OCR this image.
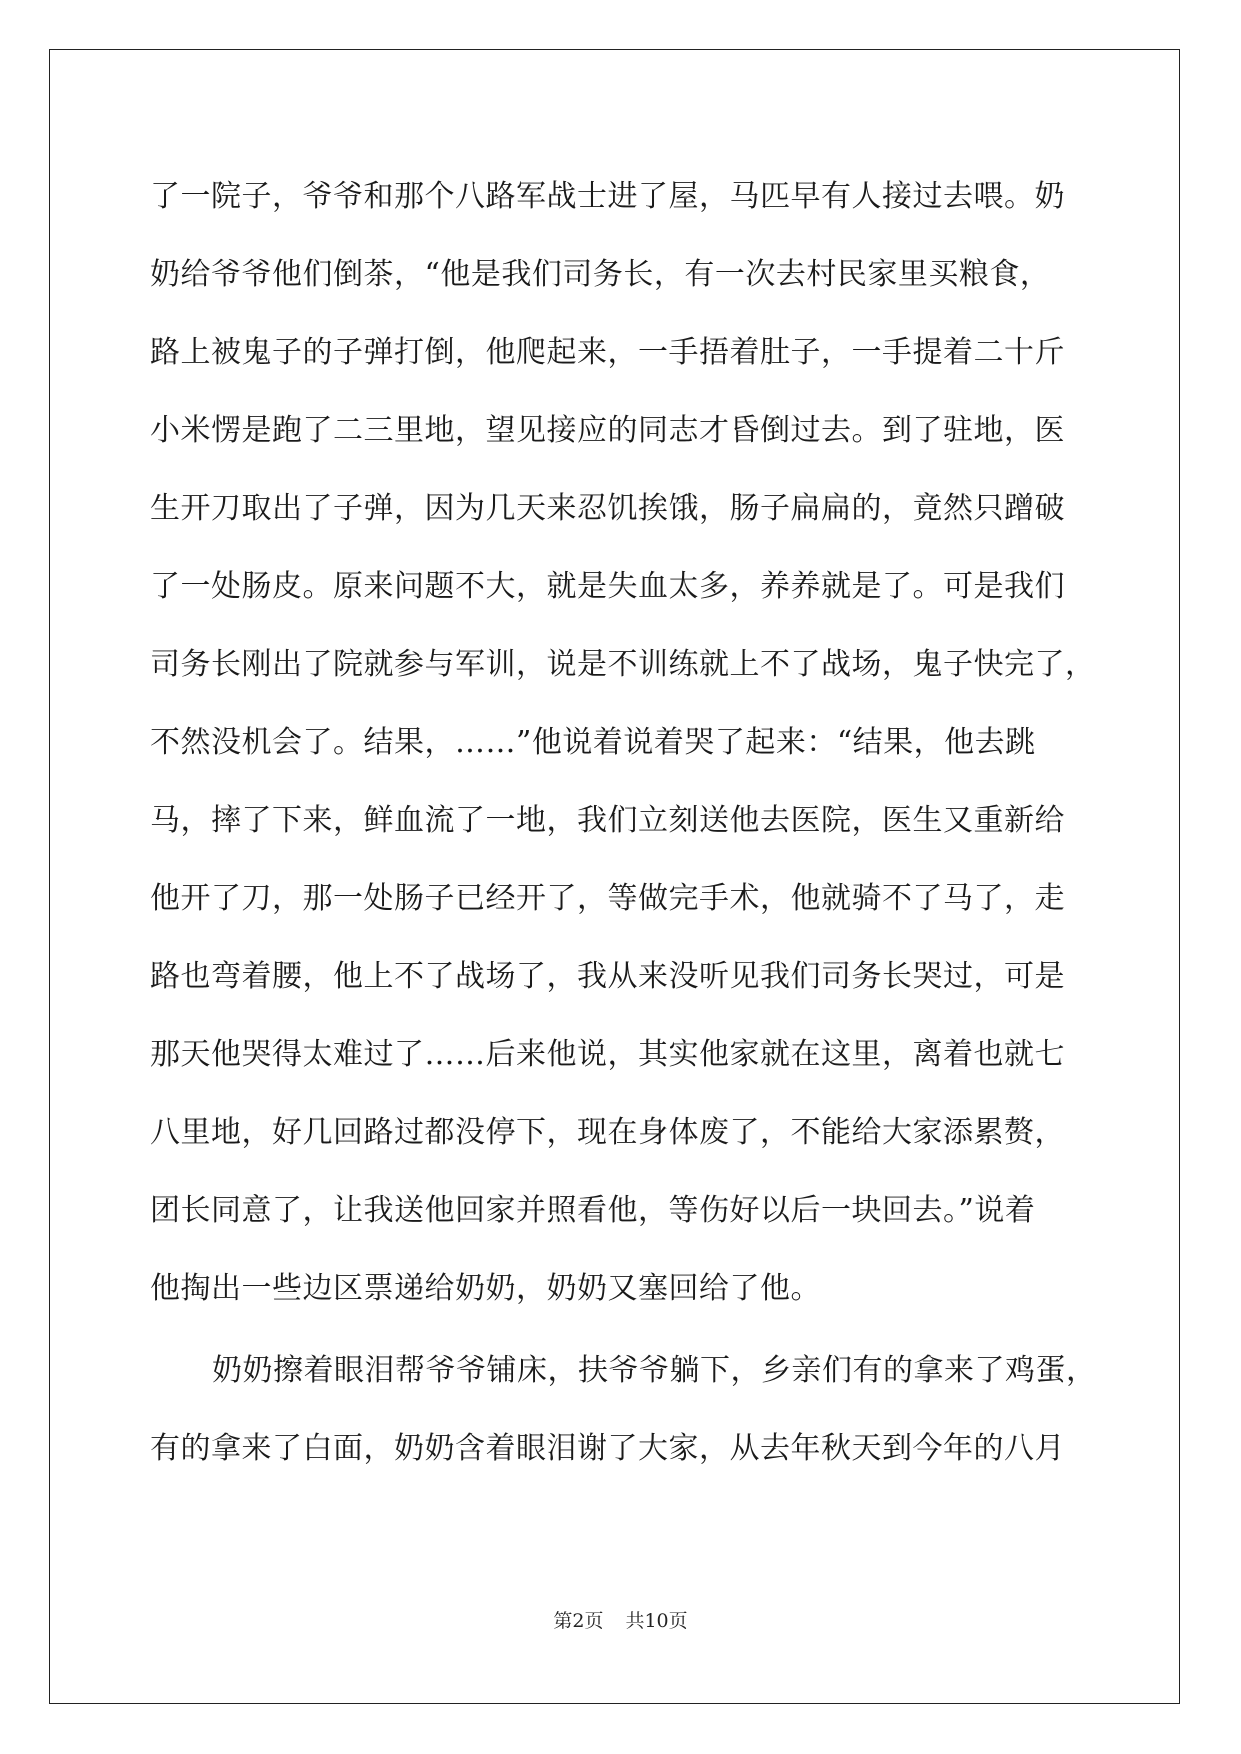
了一院子，爷爷和那个八路军战士进了屋，马匹早有人接过去喂。奶
奶给爷爷他们倒茶，“他是我们司务长，有一次去村民家里买粮食，
路上被鬼子的子弹打倒，他爬起来，一手捂着肚子，一手提着二十斤
小米愣是跑了二三里地，望见接应的同志才昏倒过去。到了驻地，医
生开刀取出了子弹，因为几天来忍饥挨饿，肠子扁扁的，竟然只蹭破
了一处肠皮。原来问题不大，就是失血太多，养养就是了。可是我们
司务长刚出了院就参与军训，说是不训练就上不了战场，鬼子快完了，
不然没机会了。结果，……”他说着说着哭了起来：“结果，他去跳
马，摔了下来，鲜血流了一地，我们立刻送他去医院，医生又重新给
他开了刀，那一处肠子已经开了，等做完手术，他就骑不了马了，走
路也弯着腰，他上不了战场了，我从来没听见我们司务长哭过，可是
那天他哭得太难过了……后来他说，其实他家就在这里，离着也就七
八里地，好几回路过都没停下，现在身体废了，不能给大家添累赘，
团长同意了，让我送他回家并照看他，等伤好以后一块回去。”说着
他掏出一些边区票递给奶奶，奶奶又塞回给了他。
奶奶擦着眼泪帮爷爷铺床，扶爷爷躺下，乡亲们有的拿来了鸡蛋，
有的拿来了白面，奶奶含着眼泪谢了大家，从去年秋天到今年的八月
第2页 共10页
